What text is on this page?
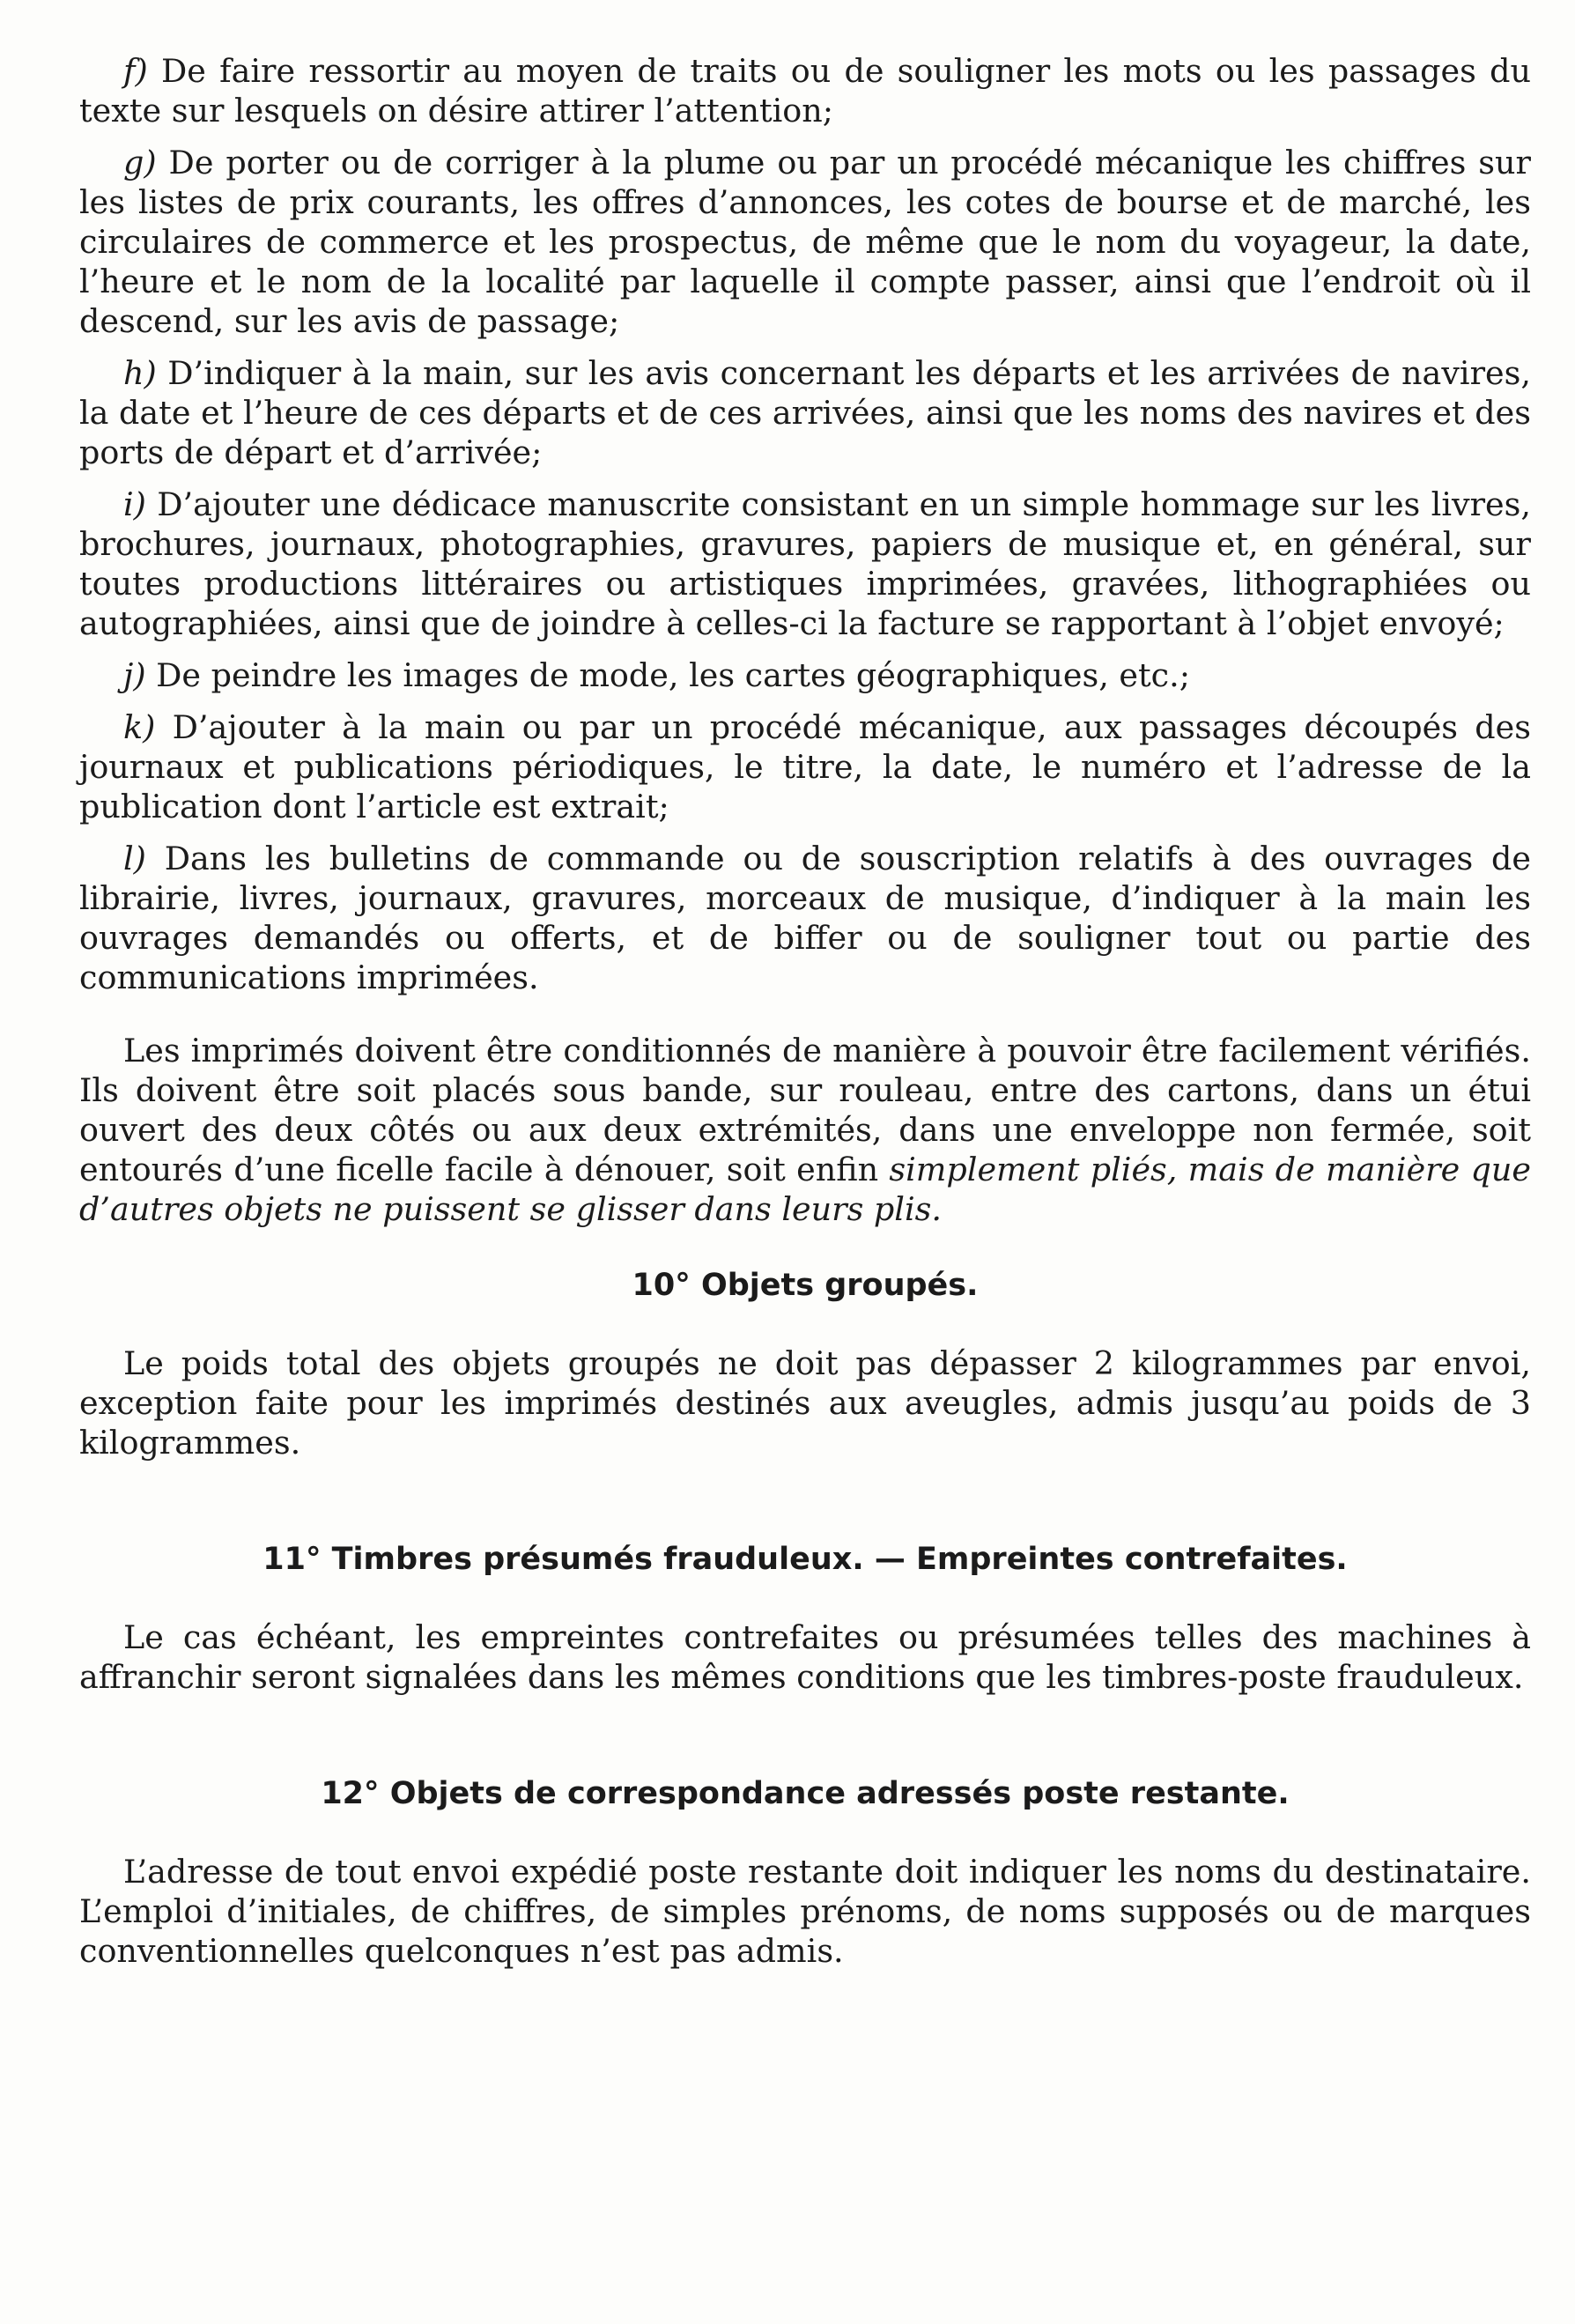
f) De faire ressortir au moyen de traits ou de souligner les mots ou les passages du texte sur lesquels on désire attirer l’attention;

g) De porter ou de corriger à la plume ou par un procédé mécanique les chiffres sur les listes de prix courants, les offres d’annonces, les cotes de bourse et de marché, les circulaires de commerce et les prospectus, de même que le nom du voyageur, la date, l’heure et le nom de la localité par laquelle il compte passer, ainsi que l’endroit où il descend, sur les avis de passage;

h) D’indiquer à la main, sur les avis concernant les départs et les arrivées de navires, la date et l’heure de ces départs et de ces arrivées, ainsi que les noms des navires et des ports de départ et d’arrivée;

i) D’ajouter une dédicace manuscrite consistant en un simple hommage sur les livres, brochures, journaux, photographies, gravures, papiers de musique et, en général, sur toutes productions littéraires ou artistiques imprimées, gravées, lithographiées ou autographiées, ainsi que de joindre à celles-ci la facture se rapportant à l’objet envoyé;

j) De peindre les images de mode, les cartes géographiques, etc.;

k) D’ajouter à la main ou par un procédé mécanique, aux passages découpés des journaux et publications périodiques, le titre, la date, le numéro et l’adresse de la publication dont l’article est extrait;

l) Dans les bulletins de commande ou de souscription relatifs à des ouvrages de librairie, livres, journaux, gravures, morceaux de musique, d’indiquer à la main les ouvrages demandés ou offerts, et de biffer ou de souligner tout ou partie des communications imprimées.

Les imprimés doivent être conditionnés de manière à pouvoir être facilement vérifiés. Ils doivent être soit placés sous bande, sur rouleau, entre des cartons, dans un étui ouvert des deux côtés ou aux deux extrémités, dans une enveloppe non fermée, soit entourés d’une ficelle facile à dénouer, soit enfin simplement pliés, mais de manière que d’autres objets ne puissent se glisser dans leurs plis.

10° Objets groupés.

Le poids total des objets groupés ne doit pas dépasser 2 kilogrammes par envoi, exception faite pour les imprimés destinés aux aveugles, admis jusqu’au poids de 3 kilogrammes.

11° Timbres présumés frauduleux. — Empreintes contrefaites.

Le cas échéant, les empreintes contrefaites ou présumées telles des machines à affranchir seront signalées dans les mêmes conditions que les timbres-poste frauduleux.

12° Objets de correspondance adressés poste restante.

L’adresse de tout envoi expédié poste restante doit indiquer les noms du destinataire. L’emploi d’initiales, de chiffres, de simples prénoms, de noms supposés ou de marques conventionnelles quelconques n’est pas admis.
